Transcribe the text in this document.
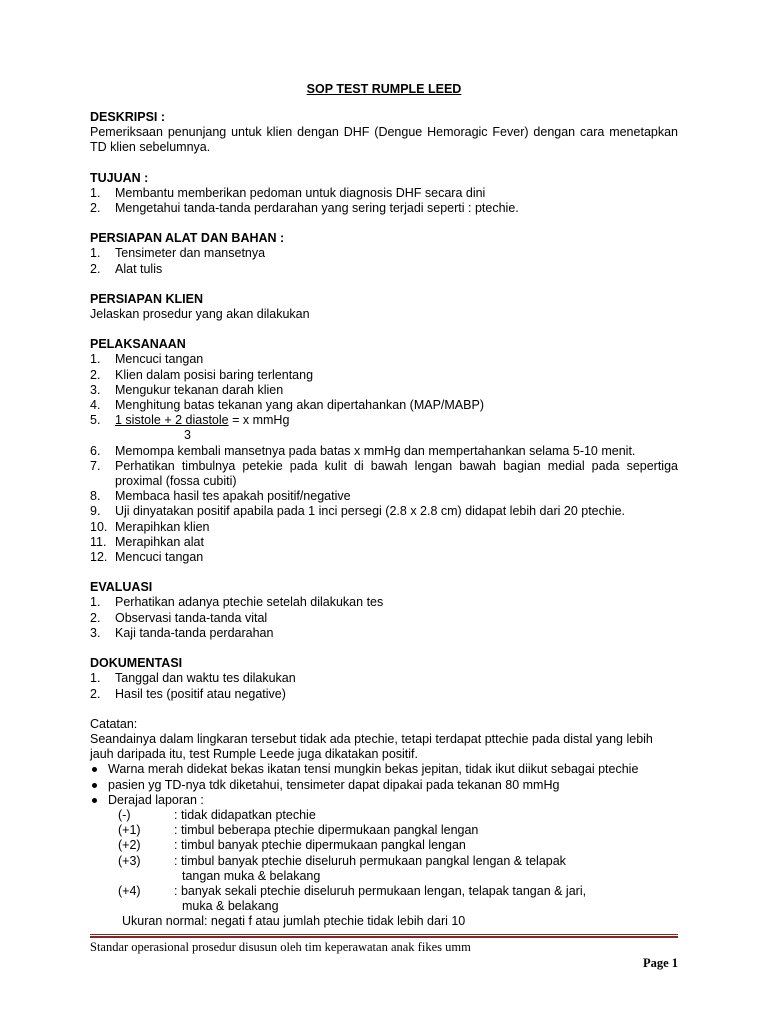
SOP TEST RUMPLE LEED
DESKRIPSI :
Pemeriksaan penunjang untuk klien dengan DHF (Dengue Hemoragic Fever) dengan cara menetapkan TD klien sebelumnya.
TUJUAN :
1.	Membantu memberikan pedoman untuk diagnosis DHF secara dini
2.	Mengetahui tanda-tanda perdarahan yang sering terjadi seperti : ptechie.
PERSIAPAN ALAT DAN BAHAN :
1.	Tensimeter dan mansetnya
2.	Alat tulis
PERSIAPAN KLIEN
Jelaskan prosedur yang akan dilakukan
PELAKSANAAN
1.	Mencuci tangan
2.	Klien dalam posisi baring terlentang
3.	Mengukur tekanan darah klien
4.	Menghitung batas tekanan yang akan dipertahankan (MAP/MABP)
5.	1 sistole + 2 diastole = x mmHg
3
6.	Memompa kembali mansetnya pada batas x mmHg dan mempertahankan selama 5-10 menit.
7.	Perhatikan timbulnya petekie pada kulit di bawah lengan bawah bagian medial pada sepertiga proximal (fossa cubiti)
8.	Membaca hasil tes apakah positif/negative
9.	Uji dinyatakan positif apabila pada 1 inci persegi (2.8 x 2.8 cm) didapat lebih dari 20 ptechie.
10. Merapihkan klien
11. Merapihkan alat
12. Mencuci tangan
EVALUASI
1.	Perhatikan adanya ptechie setelah dilakukan tes
2.	Observasi tanda-tanda vital
3.	Kaji tanda-tanda perdarahan
DOKUMENTASI
1.	Tanggal dan waktu tes dilakukan
2.	Hasil tes (positif atau negative)
Catatan:
Seandainya dalam lingkaran tersebut tidak ada ptechie, tetapi terdapat pttechie pada distal yang lebih jauh daripada itu, test Rumple Leede juga dikatakan positif.
Warna merah didekat bekas ikatan tensi mungkin bekas jepitan, tidak ikut diikut sebagai ptechie
pasien yg TD-nya tdk diketahui, tensimeter dapat dipakai pada tekanan 80 mmHg
Derajad laporan :
(-)	: tidak didapatkan ptechie
(+1)	: timbul beberapa ptechie dipermukaan pangkal lengan
(+2)	: timbul banyak ptechie dipermukaan pangkal lengan
(+3)	: timbul banyak ptechie diseluruh permukaan pangkal lengan & telapak
tangan muka & belakang
(+4)	: banyak sekali ptechie diseluruh permukaan lengan, telapak tangan & jari,
muka & belakang
Ukuran normal: negati f atau jumlah ptechie tidak lebih dari 10
Standar operasional prosedur disusun oleh tim keperawatan anak fikes umm
Page 1
